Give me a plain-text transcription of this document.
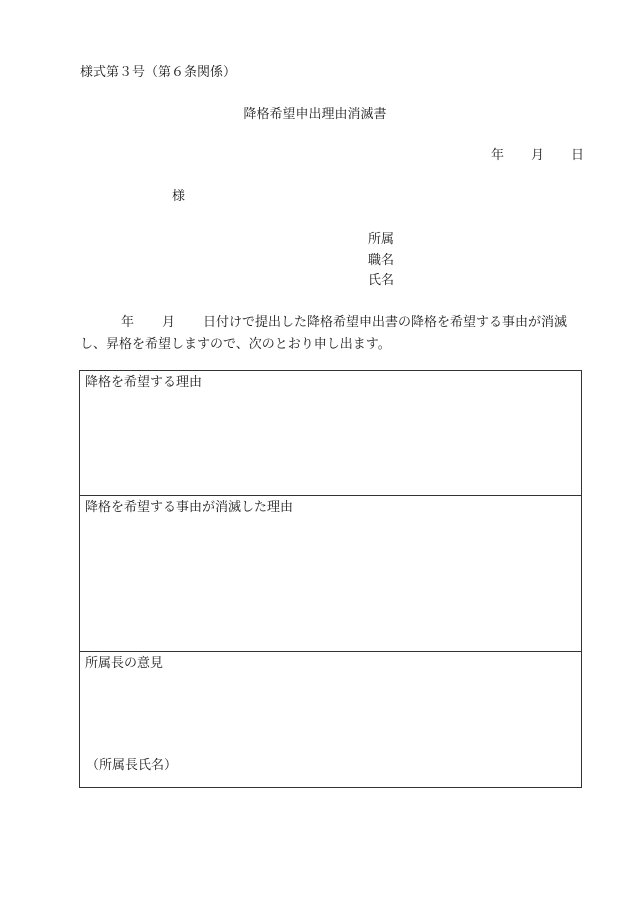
様式第３号（第６条関係）
降格希望申出理由消滅書
年 月 日
様
所属
職名
氏名
年 月 日付けで提出した降格希望申出書の降格を希望する事由が消滅
し、昇格を希望しますので、次のとおり申し出ます。
降格を希望する理由
降格を希望する事由が消滅した理由
所属長の意見
（所属長氏名）
